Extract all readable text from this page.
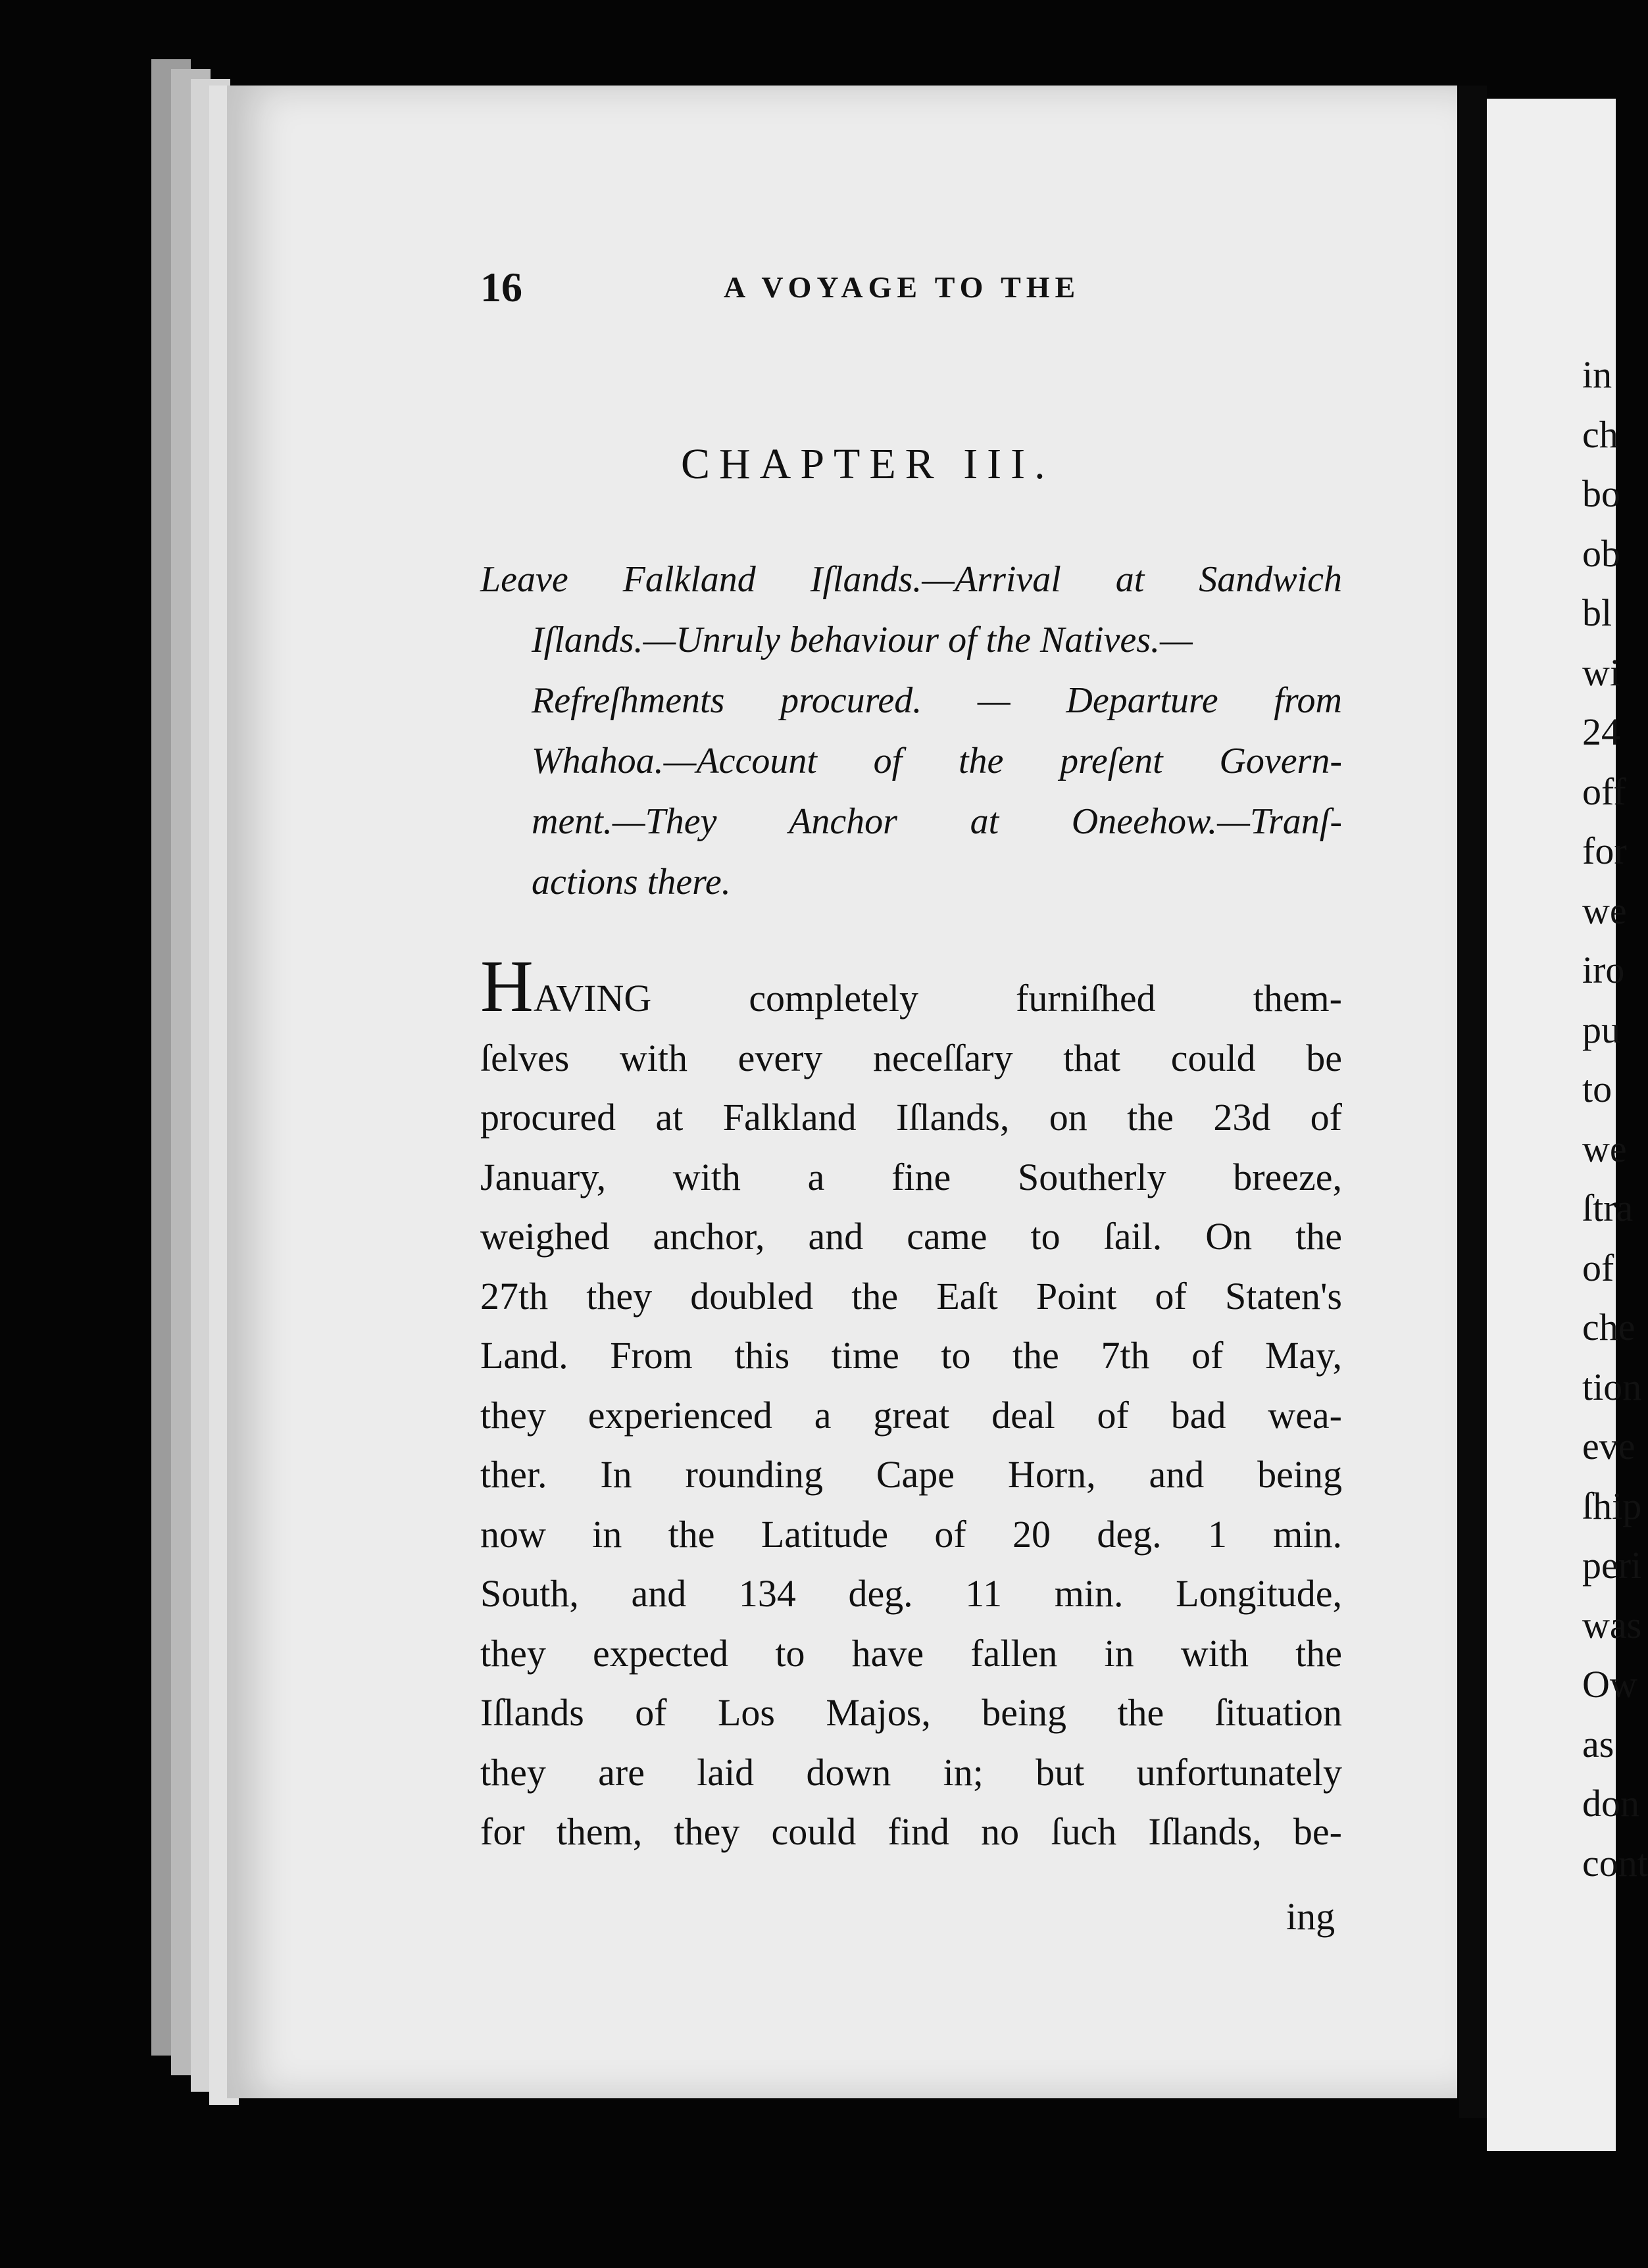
in
ch
bo
ob
bl
wi
24
off
for
we
iro
pu
to
we
ſtra
of
che
tion
eve
ſhip
peri
was
Ow
as
don
cont
16	A VOYAGE TO THE
CHAPTER III.
Leave Falkland Iſlands.—Arrival at Sandwich
Iſlands.—Unruly behaviour of the Natives.—
Refreſhments procured. — Departure from
Whahoa.—Account of the preſent Govern-
ment.—They Anchor at Oneehow.—Tranſ-
actions there.
HAVING completely furniſhed them-
ſelves with every neceſſary that could be
procured at Falkland Iſlands, on the 23d of
January, with a fine Southerly breeze,
weighed anchor, and came to ſail. On the
27th they doubled the Eaſt Point of Staten's
Land. From this time to the 7th of May,
they experienced a great deal of bad wea-
ther. In rounding Cape Horn, and being
now in the Latitude of 20 deg. 1 min.
South, and 134 deg. 11 min. Longitude,
they expected to have fallen in with the
Iſlands of Los Majos, being the ſituation
they are laid down in; but unfortunately
for them, they could find no ſuch Iſlands, be-
ing
